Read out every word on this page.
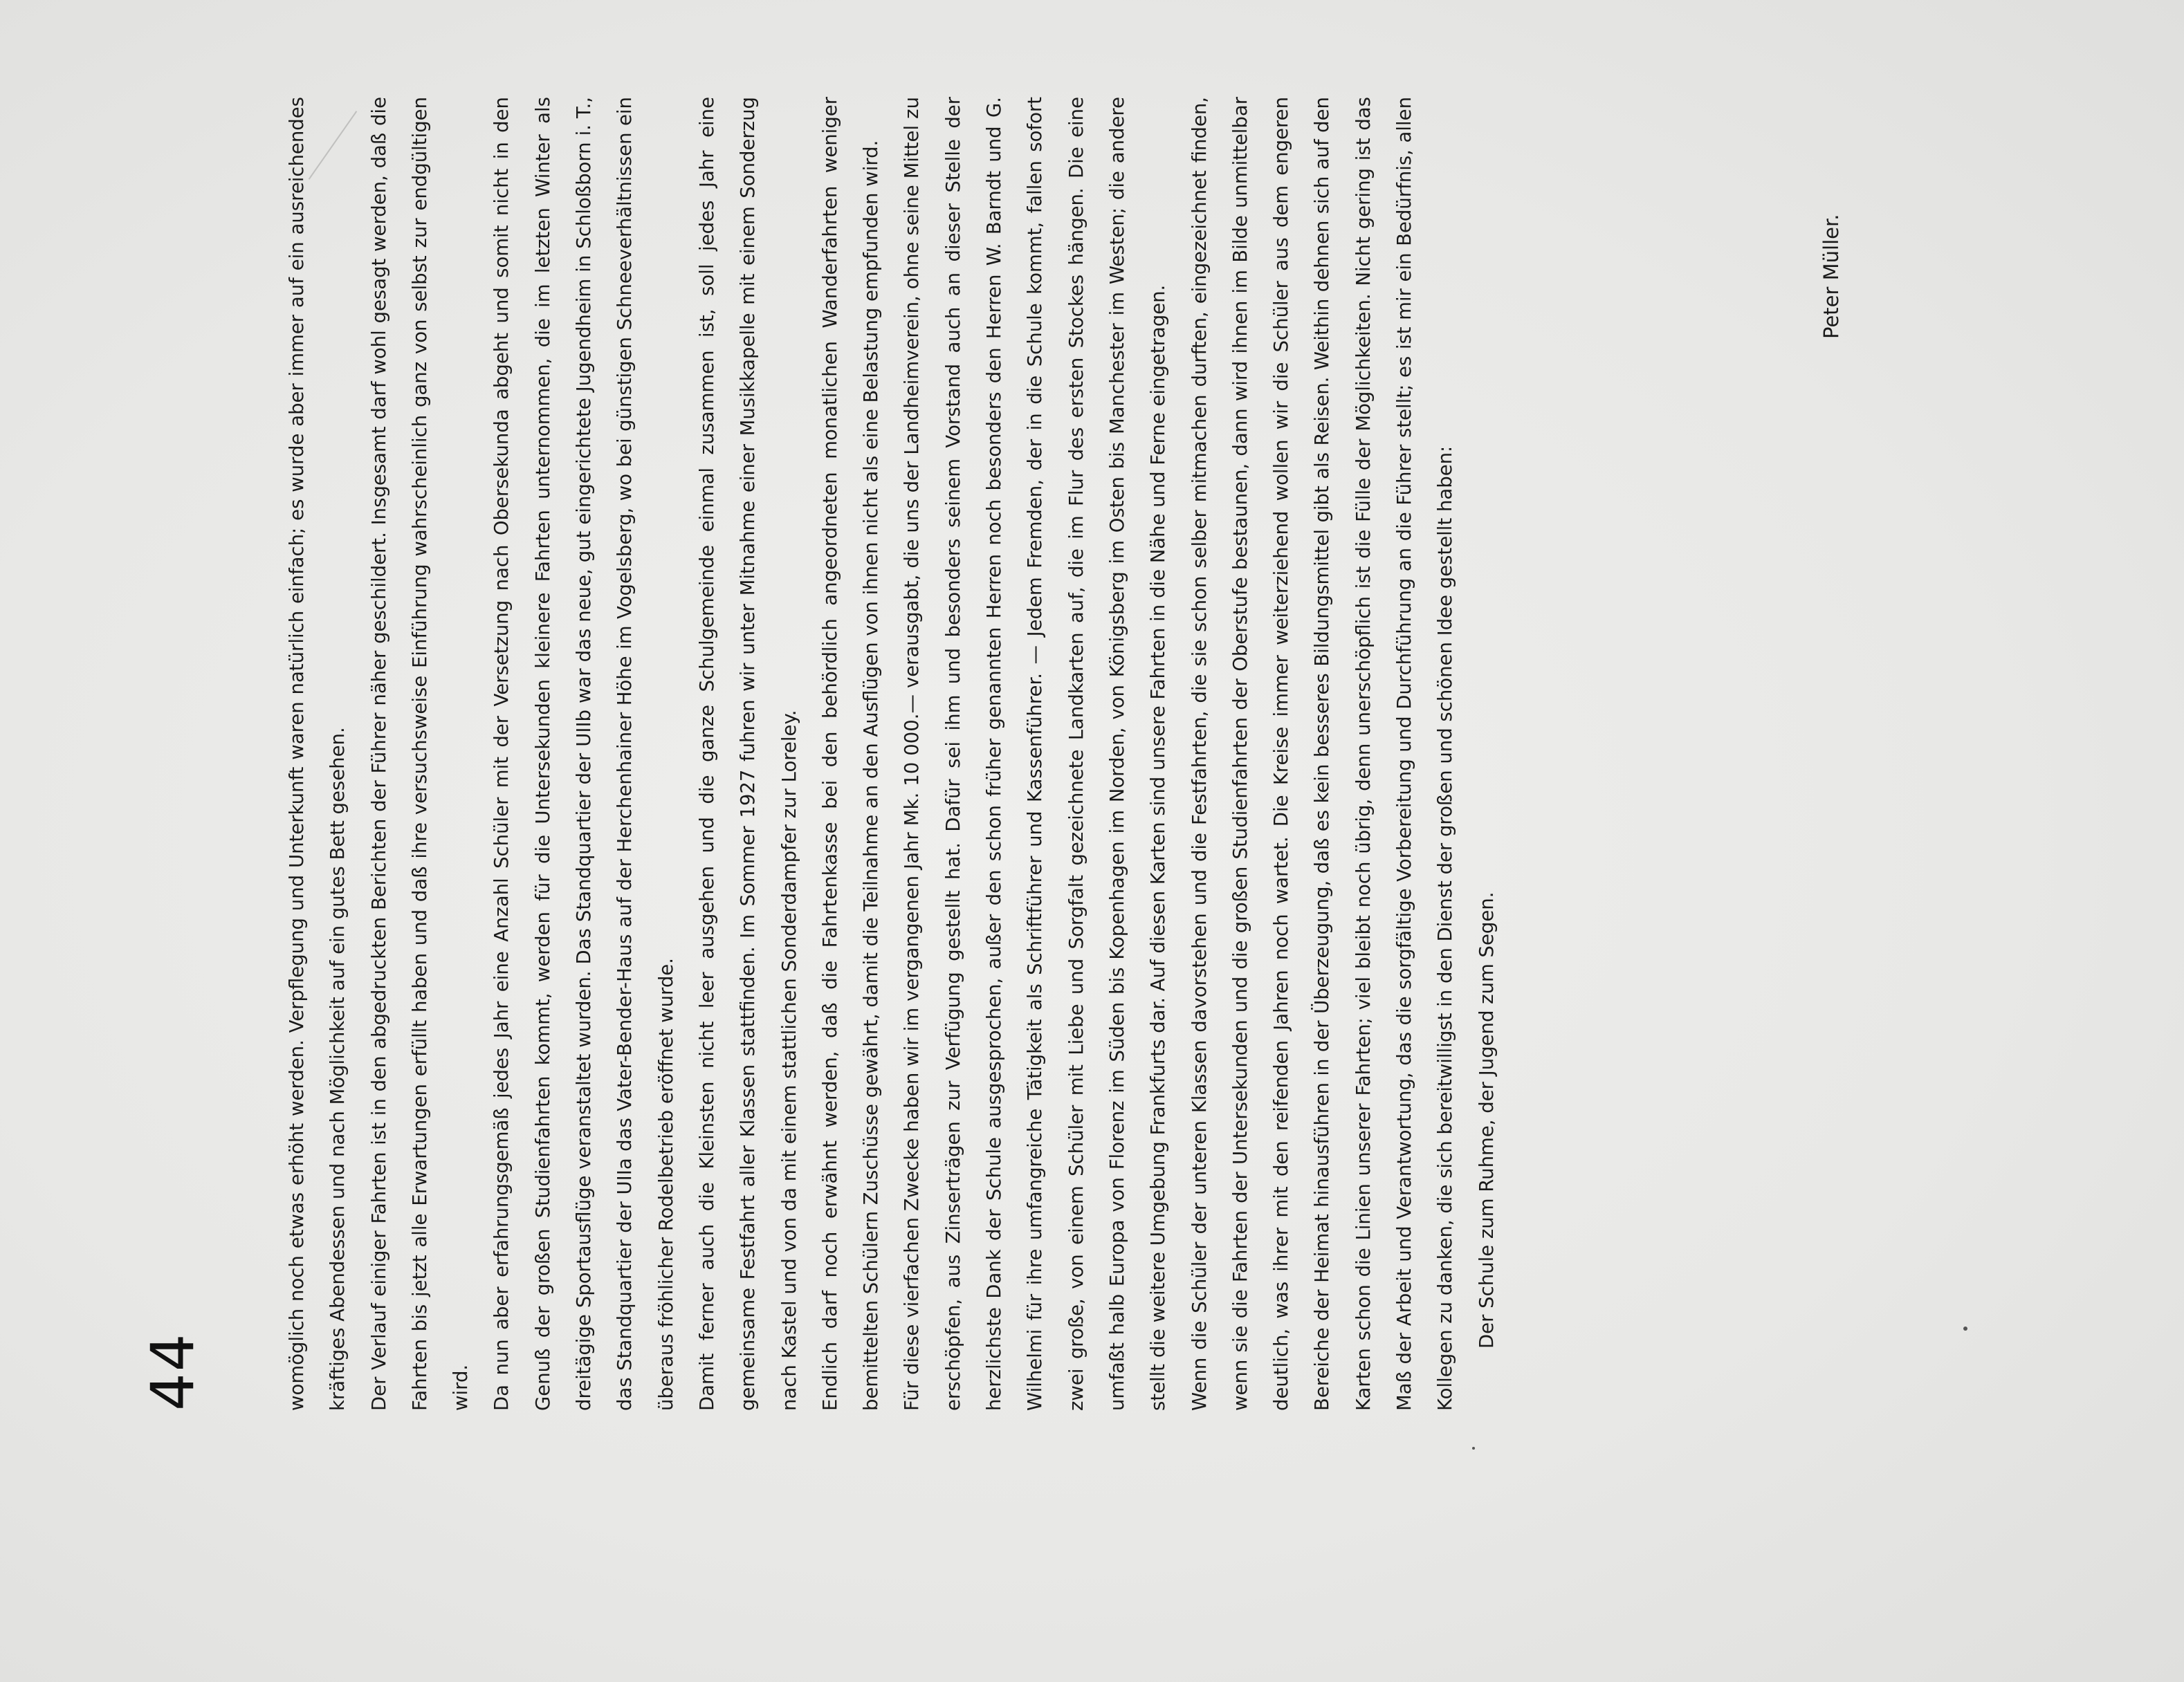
womöglich noch etwas erhöht werden. Verpflegung und Unterkunft waren natürlich einfach; es wurde aber immer auf ein ausreichendes kräftiges Abendessen und nach Möglichkeit auf ein gutes Bett gesehen. Der Verlauf einiger Fahrten ist in den abgedruckten Berichten der Führer näher geschildert. Insgesamt darf wohl gesagt werden, daß die Fahrten bis jetzt alle Erwartungen erfüllt haben und daß ihre versuchsweise Einführung wahrscheinlich ganz von selbst zur endgültigen wird. Da nun aber erfahrungsgemäß jedes Jahr eine Anzahl Schüler mit der Versetzung nach Obersekunda abgeht und somit nicht in den Genuß der großen Studienfahrten kommt, werden für die Untersekunden kleinere Fahrten unternommen, die im letzten Winter als dreitägige Sportausflüge veranstaltet wurden. Das Standquartier der UIIb war das neue, gut eingerichtete Jugendheim in Schloßborn i. T., das Standquartier der UIIa das Vater-Bender-Haus auf der Herchenhainer Höhe im Vogelsberg, wo bei günstigen Schneeverhältnissen ein überaus fröhlicher Rodelbetrieb eröffnet wurde. Damit ferner auch die Kleinsten nicht leer ausgehen und die ganze Schulgemeinde einmal zusammen ist, soll jedes Jahr eine gemeinsame Festfahrt aller Klassen stattfinden. Im Sommer 1927 fuhren wir unter Mitnahme einer Musikkapelle mit einem Sonderzug nach Kastel und von da mit einem stattlichen Sonderdampfer zur Loreley. Endlich darf noch erwähnt werden, daß die Fahrtenkasse bei den behördlich angeordneten monatlichen Wanderfahrten weniger bemittelten Schülern Zuschüsse gewährt, damit die Teilnahme an den Ausflügen von ihnen nicht als eine Belastung empfunden wird. Für diese vierfachen Zwecke haben wir im vergangenen Jahr Mk. 10 000.— verausgabt, die uns der Landheimverein, ohne seine Mittel zu erschöpfen, aus Zinserträgen zur Verfügung gestellt hat. Dafür sei ihm und besonders seinem Vorstand auch an dieser Stelle der herzlichste Dank der Schule ausgesprochen, außer den schon früher genannten Herren noch besonders den Herren W. Barndt und G. Wilhelmi für ihre umfangreiche Tätigkeit als Schriftführer und Kassenführer. — Jedem Fremden, der in die Schule kommt, fallen sofort zwei große, von einem Schüler mit Liebe und Sorgfalt gezeichnete Landkarten auf, die im Flur des ersten Stockes hängen. Die eine umfaßt halb Europa von Florenz im Süden bis Kopenhagen im Norden, von Königsberg im Osten bis Manchester im Westen; die andere stellt die weitere Umgebung Frankfurts dar. Auf diesen Karten sind unsere Fahrten in die Nähe und Ferne eingetragen. Wenn die Schüler der unteren Klassen davorstehen und die Festfahrten, die sie schon selber mitmachen durften, eingezeichnet finden, wenn sie die Fahrten der Untersekunden und die großen Studienfahrten der Oberstufe bestaunen, dann wird ihnen im Bilde unmittelbar deutlich, was ihrer mit den reifenden Jahren noch wartet. Die Kreise immer weiterziehend wollen wir die Schüler aus dem engeren Bereiche der Heimat hinausführen in der Überzeugung, daß es kein besseres Bildungsmittel gibt als Reisen. Weithin dehnen sich auf den Karten schon die Linien unserer Fahrten; viel bleibt noch übrig, denn unerschöpflich ist die Fülle der Möglichkeiten. Nicht gering ist das Maß der Arbeit und Verantwortung, das die sorgfältige Vorbereitung und Durchführung an die Führer stellt; es ist mir ein Bedürfnis, allen Kollegen zu danken, die sich bereitwilligst in den Dienst der großen und schönen Idee gestellt haben: Der Schule zum Ruhme, der Jugend zum Segen.

Peter Müller.
44
